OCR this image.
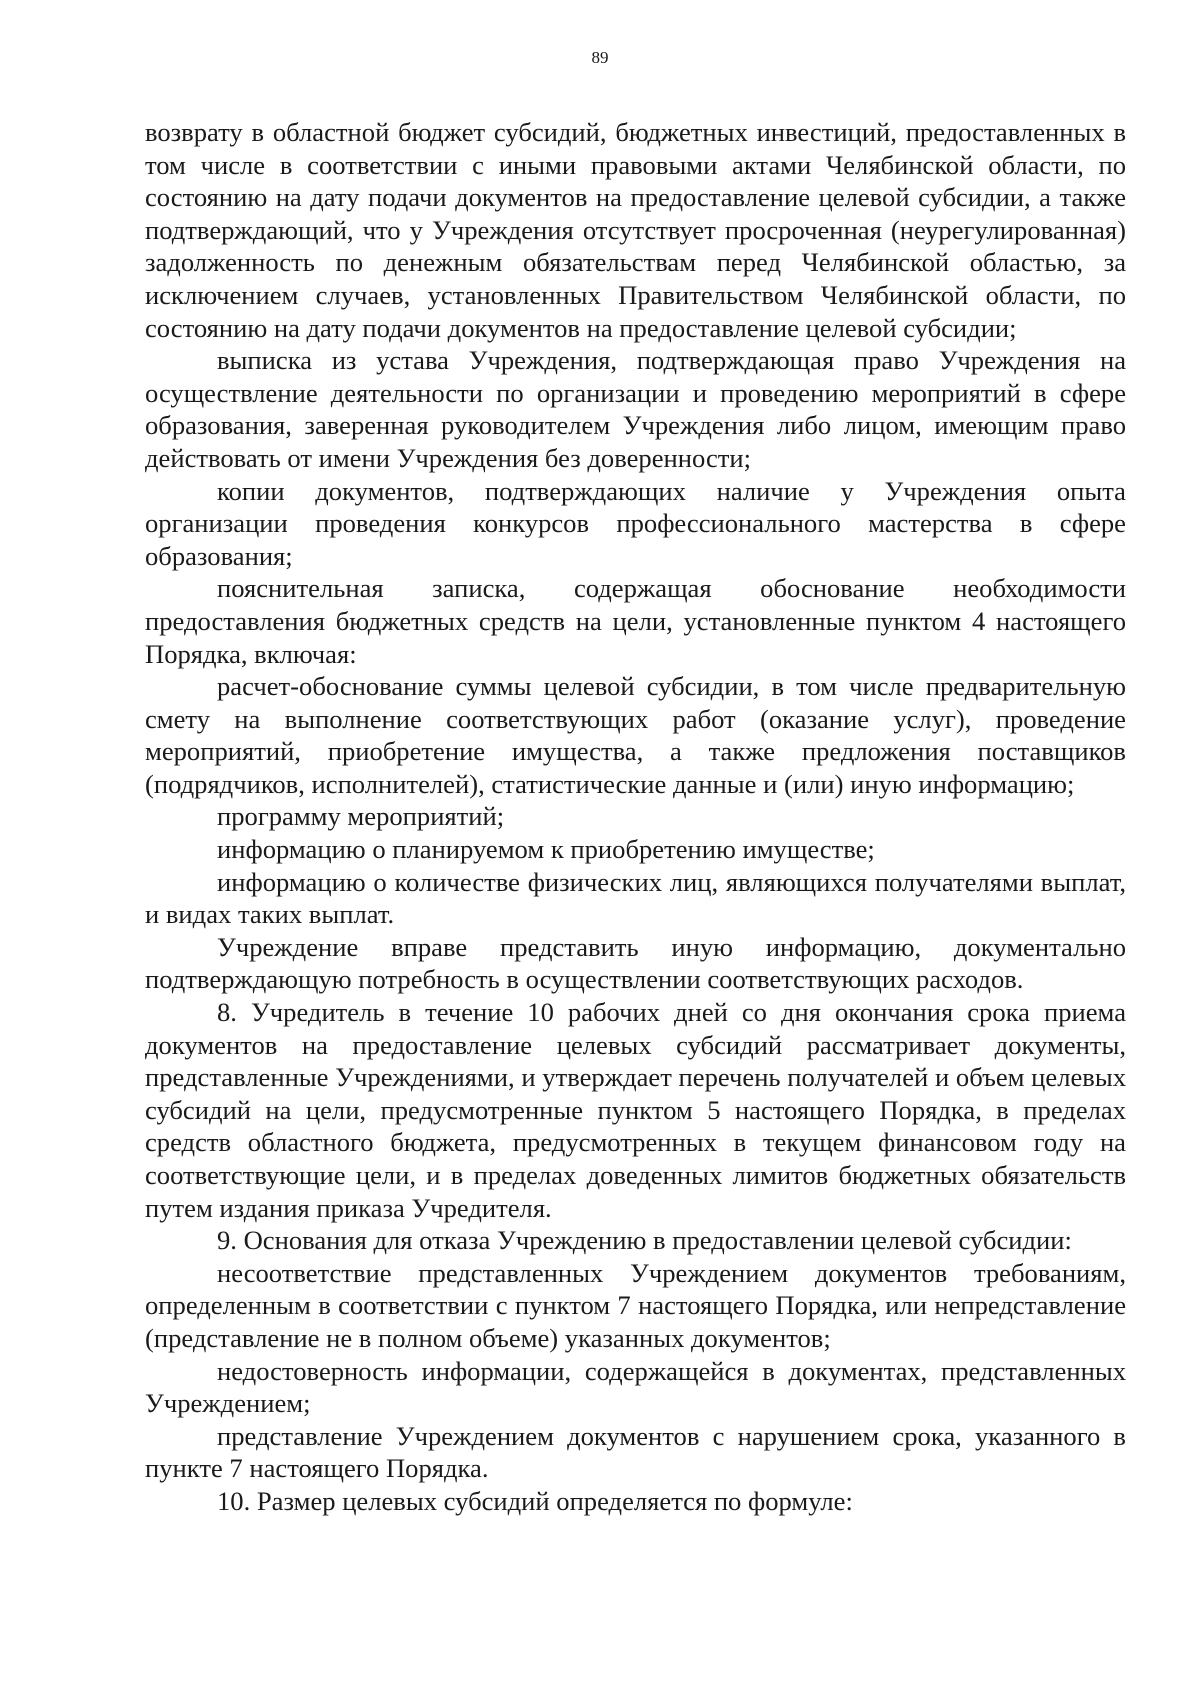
89

возврату в областной бюджет субсидий, бюджетных инвестиций, предоставленных в том числе в соответствии с иными правовыми актами Челябинской области, по состоянию на дату подачи документов на предоставление целевой субсидии, а также подтверждающий, что у Учреждения отсутствует просроченная (неурегулированная) задолженность по денежным обязательствам перед Челябинской областью, за исключением случаев, установленных Правительством Челябинской области, по состоянию на дату подачи документов на предоставление целевой субсидии;

выписка из устава Учреждения, подтверждающая право Учреждения на осуществление деятельности по организации и проведению мероприятий в сфере образования, заверенная руководителем Учреждения либо лицом, имеющим право действовать от имени Учреждения без доверенности;

копии документов, подтверждающих наличие у Учреждения опыта организации проведения конкурсов профессионального мастерства в сфере образования;

пояснительная записка, содержащая обоснование необходимости предоставления бюджетных средств на цели, установленные пунктом 4 настоящего Порядка, включая:

расчет-обоснование суммы целевой субсидии, в том числе предварительную смету на выполнение соответствующих работ (оказание услуг), проведение мероприятий, приобретение имущества, а также предложения поставщиков (подрядчиков, исполнителей), статистические данные и (или) иную информацию;

программу мероприятий;

информацию о планируемом к приобретению имуществе;

информацию о количестве физических лиц, являющихся получателями выплат, и видах таких выплат.

Учреждение вправе представить иную информацию, документально подтверждающую потребность в осуществлении соответствующих расходов.

8. Учредитель в течение 10 рабочих дней со дня окончания срока приема документов на предоставление целевых субсидий рассматривает документы, представленные Учреждениями, и утверждает перечень получателей и объем целевых субсидий на цели, предусмотренные пунктом 5 настоящего Порядка, в пределах средств областного бюджета, предусмотренных в текущем финансовом году на соответствующие цели, и в пределах доведенных лимитов бюджетных обязательств путем издания приказа Учредителя.

9. Основания для отказа Учреждению в предоставлении целевой субсидии:

несоответствие представленных Учреждением документов требованиям, определенным в соответствии с пунктом 7 настоящего Порядка, или непредставление (представление не в полном объеме) указанных документов;

недостоверность информации, содержащейся в документах, представленных Учреждением;

представление Учреждением документов с нарушением срока, указанного в пункте 7 настоящего Порядка.

10. Размер целевых субсидий определяется по формуле:
